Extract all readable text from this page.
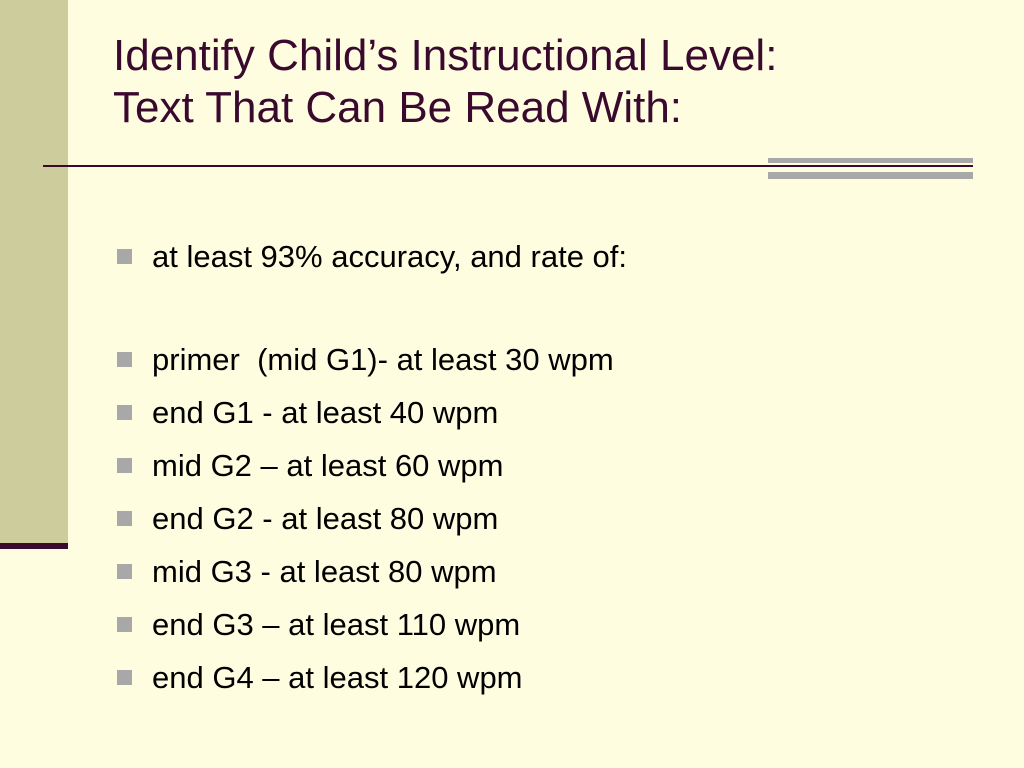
Identify Child’s Instructional Level:
Text That Can Be Read With:
at least 93% accuracy, and rate of:
primer  (mid G1)- at least 30 wpm
end G1 - at least 40 wpm
mid G2 – at least 60 wpm
end G2 - at least 80 wpm
mid G3 - at least 80 wpm
end G3 – at least 110 wpm
end G4 – at least 120 wpm
